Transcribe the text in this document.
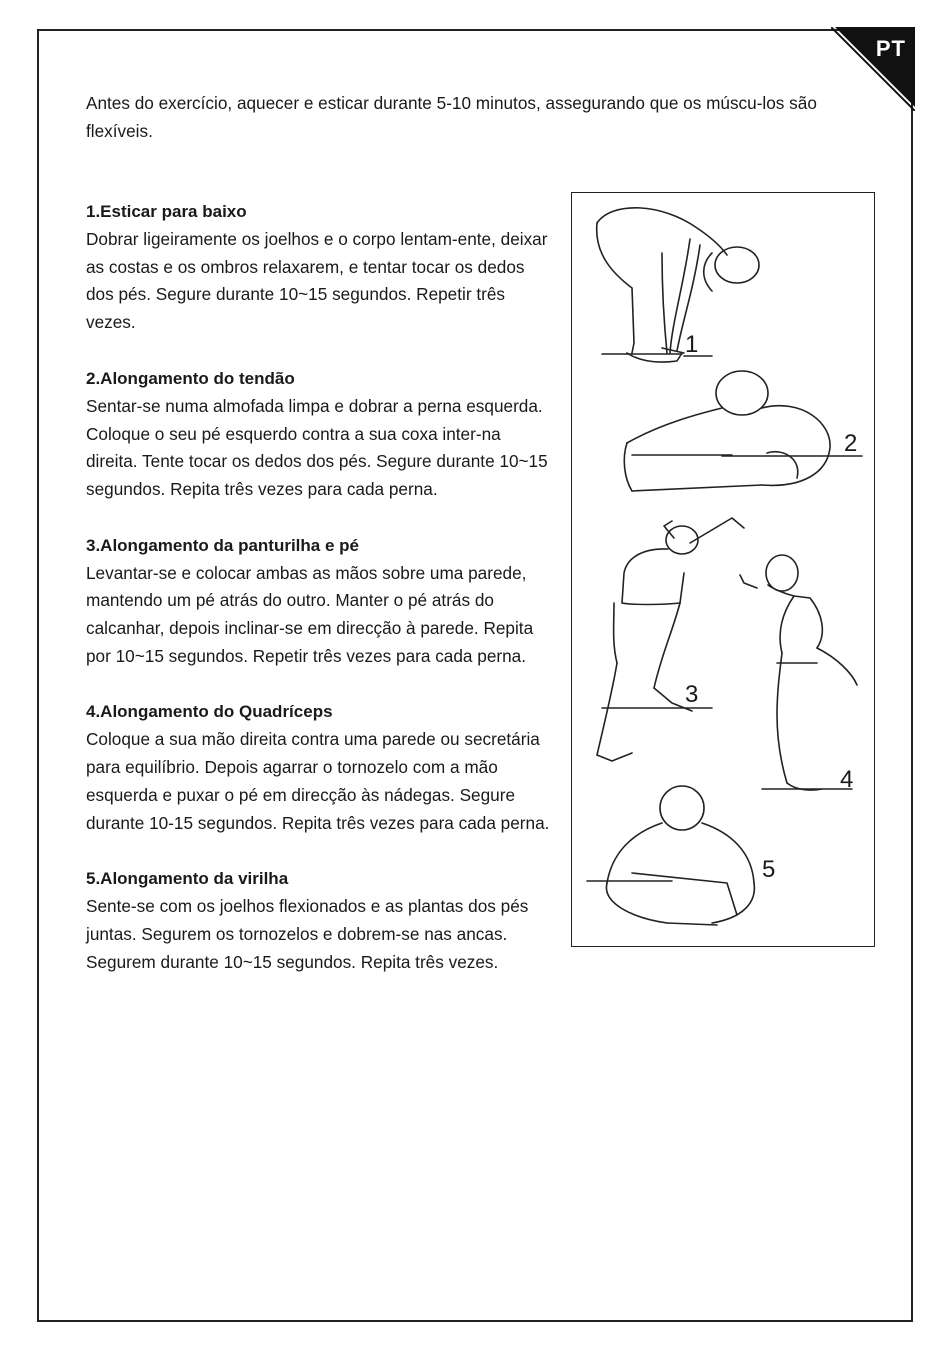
PT

Antes do exercício, aquecer e esticar durante 5-10 minutos, assegurando que os múscu-los são flexíveis.

1.Esticar para baixo

Dobrar ligeiramente os joelhos e o corpo lentam-ente, deixar as costas e os ombros relaxarem, e tentar tocar os dedos dos pés. Segure durante 10~15 segundos. Repetir três vezes.

2.Alongamento do tendão

Sentar-se numa almofada limpa e dobrar a perna esquerda.

Coloque o seu pé esquerdo contra a sua coxa inter-na direita. Tente tocar os dedos dos pés. Segure durante 10~15 segundos. Repita três vezes para cada perna.

3.Alongamento da panturilha e pé

Levantar-se e colocar ambas as mãos sobre uma parede, mantendo um pé atrás do outro. Manter o pé atrás do calcanhar, depois inclinar-se em direcção à parede. Repita por 10~15 segundos. Repetir três vezes para cada perna.

4.Alongamento do Quadríceps

Coloque a sua mão direita contra uma parede ou secretária para equilíbrio. Depois agarrar o tornozelo com a mão esquerda e puxar o pé em direcção às nádegas. Segure durante 10-15 segundos. Repita três vezes para cada perna.

5.Alongamento da virilha

Sente-se com os joelhos flexionados e as plantas dos pés juntas. Segurem os tornozelos e dobrem-se nas ancas. Segurem durante 10~15 segundos. Repita três vezes.

1
2
3
4
5
